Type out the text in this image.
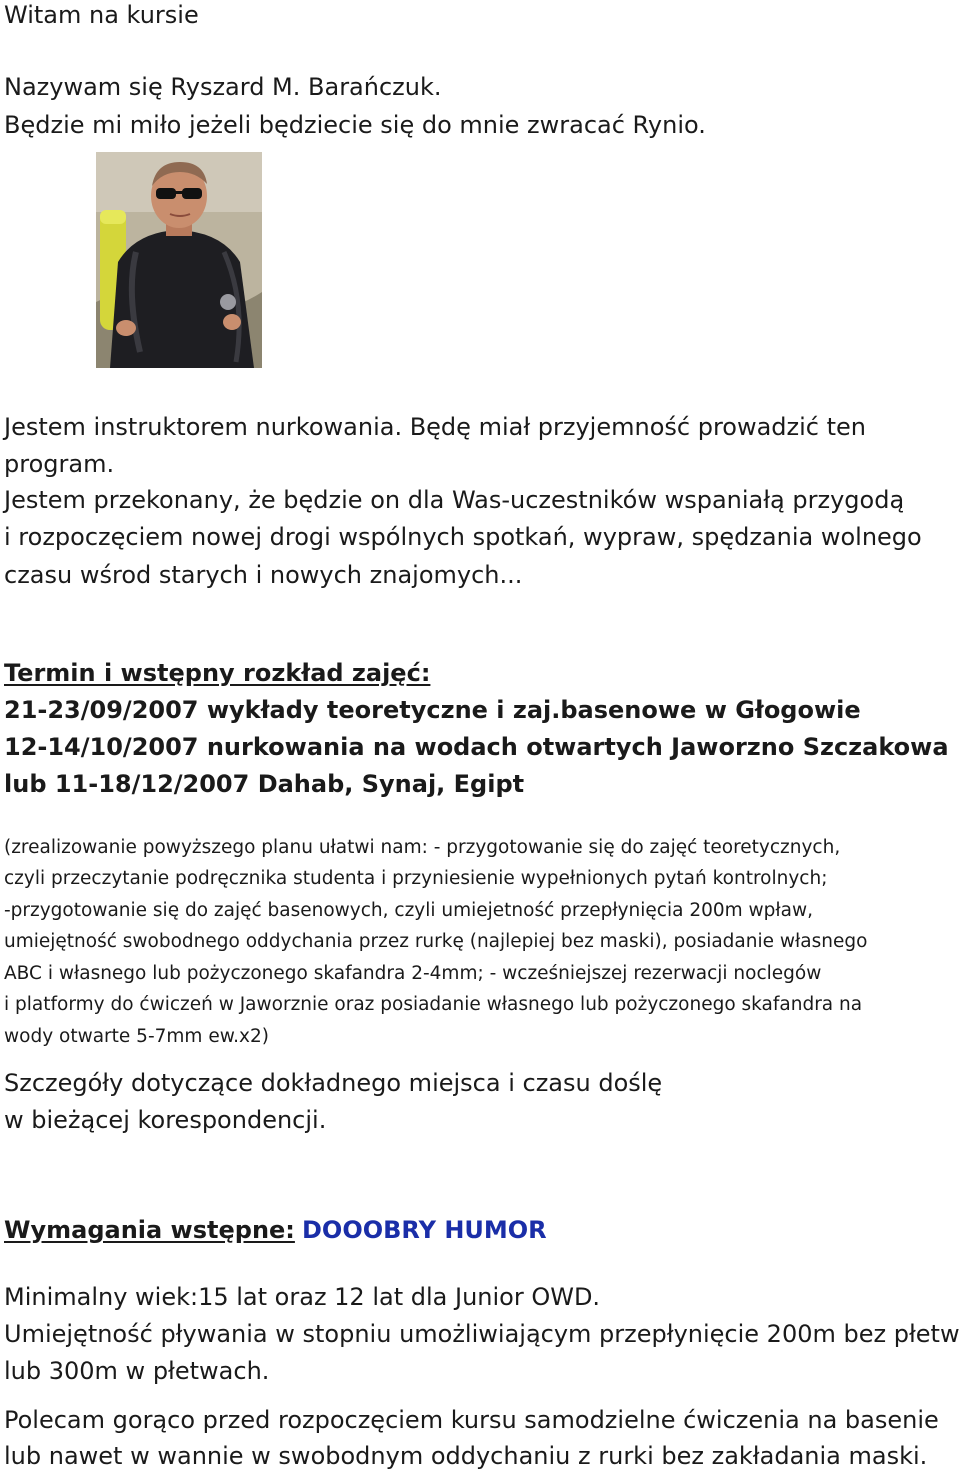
Witam na kursie
Nazywam się Ryszard M. Barańczuk.
Będzie mi miło jeżeli będziecie się do mnie zwracać Rynio.
Jestem instruktorem nurkowania. Będę miał przyjemność prowadzić ten
program.
Jestem przekonany, że będzie on dla Was-uczestników wspaniałą przygodą
i rozpoczęciem nowej drogi wspólnych spotkań, wypraw, spędzania wolnego
czasu wśrod starych i nowych znajomych...
Termin i wstępny rozkład zajęć:
21-23/09/2007 wykłady teoretyczne i zaj.basenowe w Głogowie
12-14/10/2007 nurkowania na wodach otwartych Jaworzno Szczakowa
lub 11-18/12/2007 Dahab, Synaj, Egipt
(zrealizowanie powyższego planu ułatwi nam: - przygotowanie się do zajęć teoretycznych,
czyli przeczytanie podręcznika studenta i przyniesienie wypełnionych pytań kontrolnych;
-przygotowanie się do zajęć basenowych, czyli umiejetność przepłynięcia 200m wpław,
umiejętność swobodnego oddychania przez rurkę (najlepiej bez maski), posiadanie własnego
ABC i własnego lub pożyczonego skafandra 2-4mm; - wcześniejszej rezerwacji noclegów
i platformy do ćwiczeń w Jaworznie oraz posiadanie własnego lub pożyczonego skafandra na
wody otwarte 5-7mm ew.x2)
Szczegóły dotyczące dokładnego miejsca i czasu doślę
w bieżącej korespondencji.
Wymagania wstępne: DOOOBRY HUMOR
Minimalny wiek:15 lat oraz 12 lat dla Junior OWD.
Umiejętność pływania w stopniu umożliwiającym przepłynięcie 200m bez płetw
lub 300m w płetwach.
Polecam gorąco przed rozpoczęciem kursu samodzielne ćwiczenia na basenie
lub nawet w wannie w swobodnym oddychaniu z rurki bez zakładania maski.
